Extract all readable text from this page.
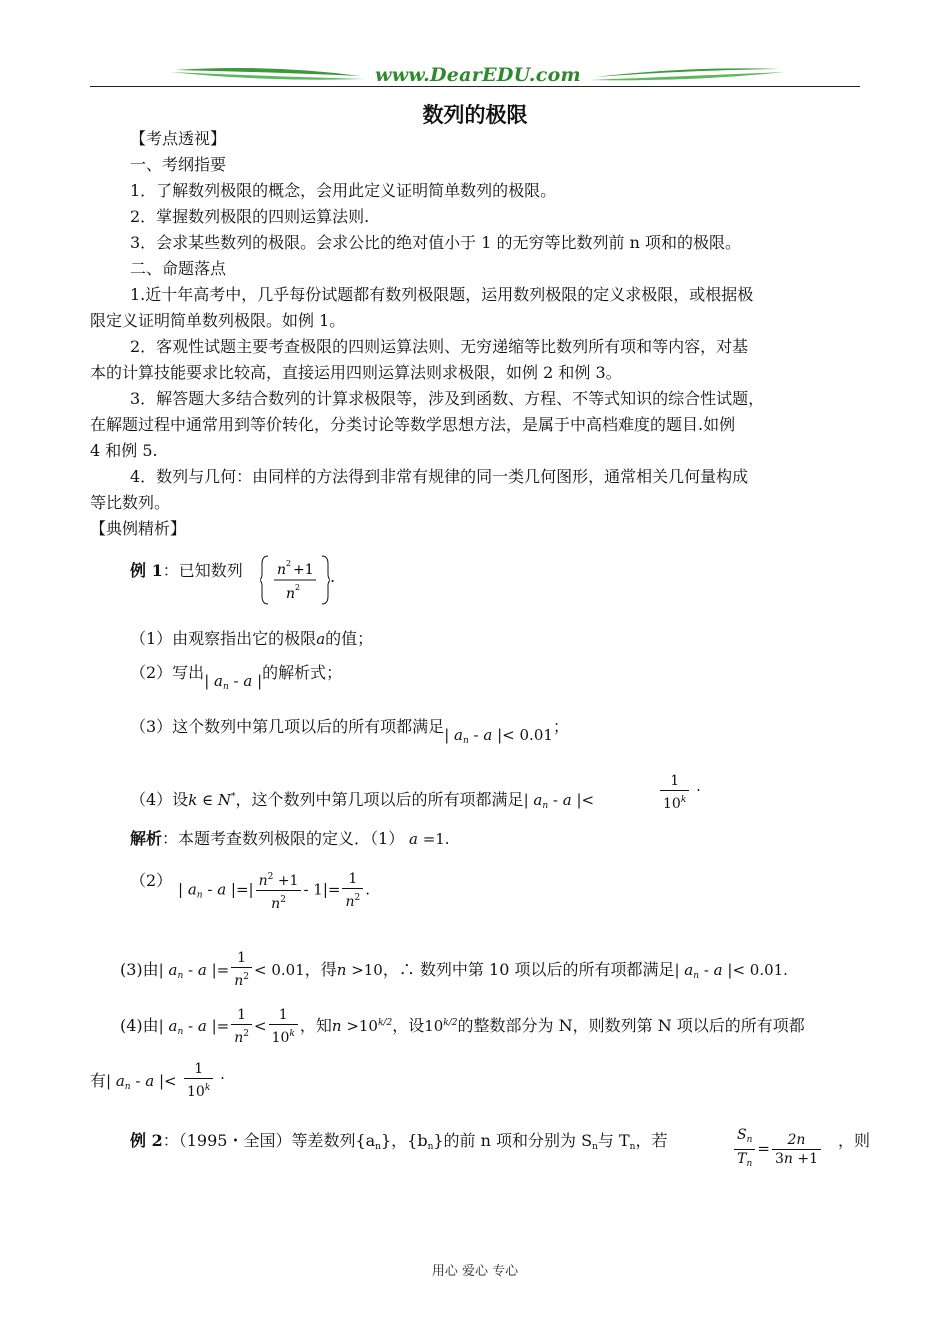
www.DearEDU.com
数列的极限
【考点透视】
一、考纲指要
1．了解数列极限的概念，会用此定义证明简单数列的极限。
2．掌握数列极限的四则运算法则.
3．会求某些数列的极限。会求公比的绝对值小于 1 的无穷等比数列前 n 项和的极限。
二、命题落点
1.近十年高考中，几乎每份试题都有数列极限题，运用数列极限的定义求极限，或根据极
限定义证明简单数列极限。如例 1。
2．客观性试题主要考查极限的四则运算法则、无穷递缩等比数列所有项和等内容，对基
本的计算技能要求比较高，直接运用四则运算法则求极限，如例 2 和例 3。
3．解答题大多结合数列的计算求极限等，涉及到函数、方程、不等式知识的综合性试题，
在解题过程中通常用到等价转化，分类讨论等数学思想方法，是属于中高档难度的题目.如例
4 和例 5.
4．数列与几何：由同样的方法得到非常有规律的同一类几何图形，通常相关几何量构成
等比数列。
【典例精析】
例 1：已知数列 n 2 +1
n 2
.
（1）由观察指出它的极限a的值；
（2）写出| $a_n$ - a |的解析式；
（3）这个数列中第几项以后的所有项都满足| $a_n$ - a |< 0.01；
（4）设k ∈ N*，这个数列中第几项以后的所有项都满足| $a_n$ - a |<	$\frac{1}{10^k}$ .
解析：本题考查数列极限的定义．（1） a =1.
（2） | $a_n$ - a |=| $\frac{n^2 +1}{n^2} - 1|= \frac{1}{n^2}$ .
(3)由| $a_n$ - a |= $\frac{1}{n^2} < 0.01$，得n >10，∴ 数列中第 10 项以后的所有项都满足| $a_n$ - a |< 0.01.
(4)由| $a_n$ - a |= $\frac{1}{n^2} < \frac{1}{10^k}$ ，知$n >10^{k/2}$，设$10^{k/2}$的整数部分为 N，则数列第 N 项以后的所有项都
有| $a_n$ - a |< $\frac{1}{10^k}$ .
例 2：（1995・全国）等差数列$\{a_n\}$，$\{b_n\}$的前 n 项和分别为 $S_n$与 $T_n$，若	$\frac{S_n}{T_n} = \frac{2n}{3n +1}$ ，则
用心 爱心 专心
